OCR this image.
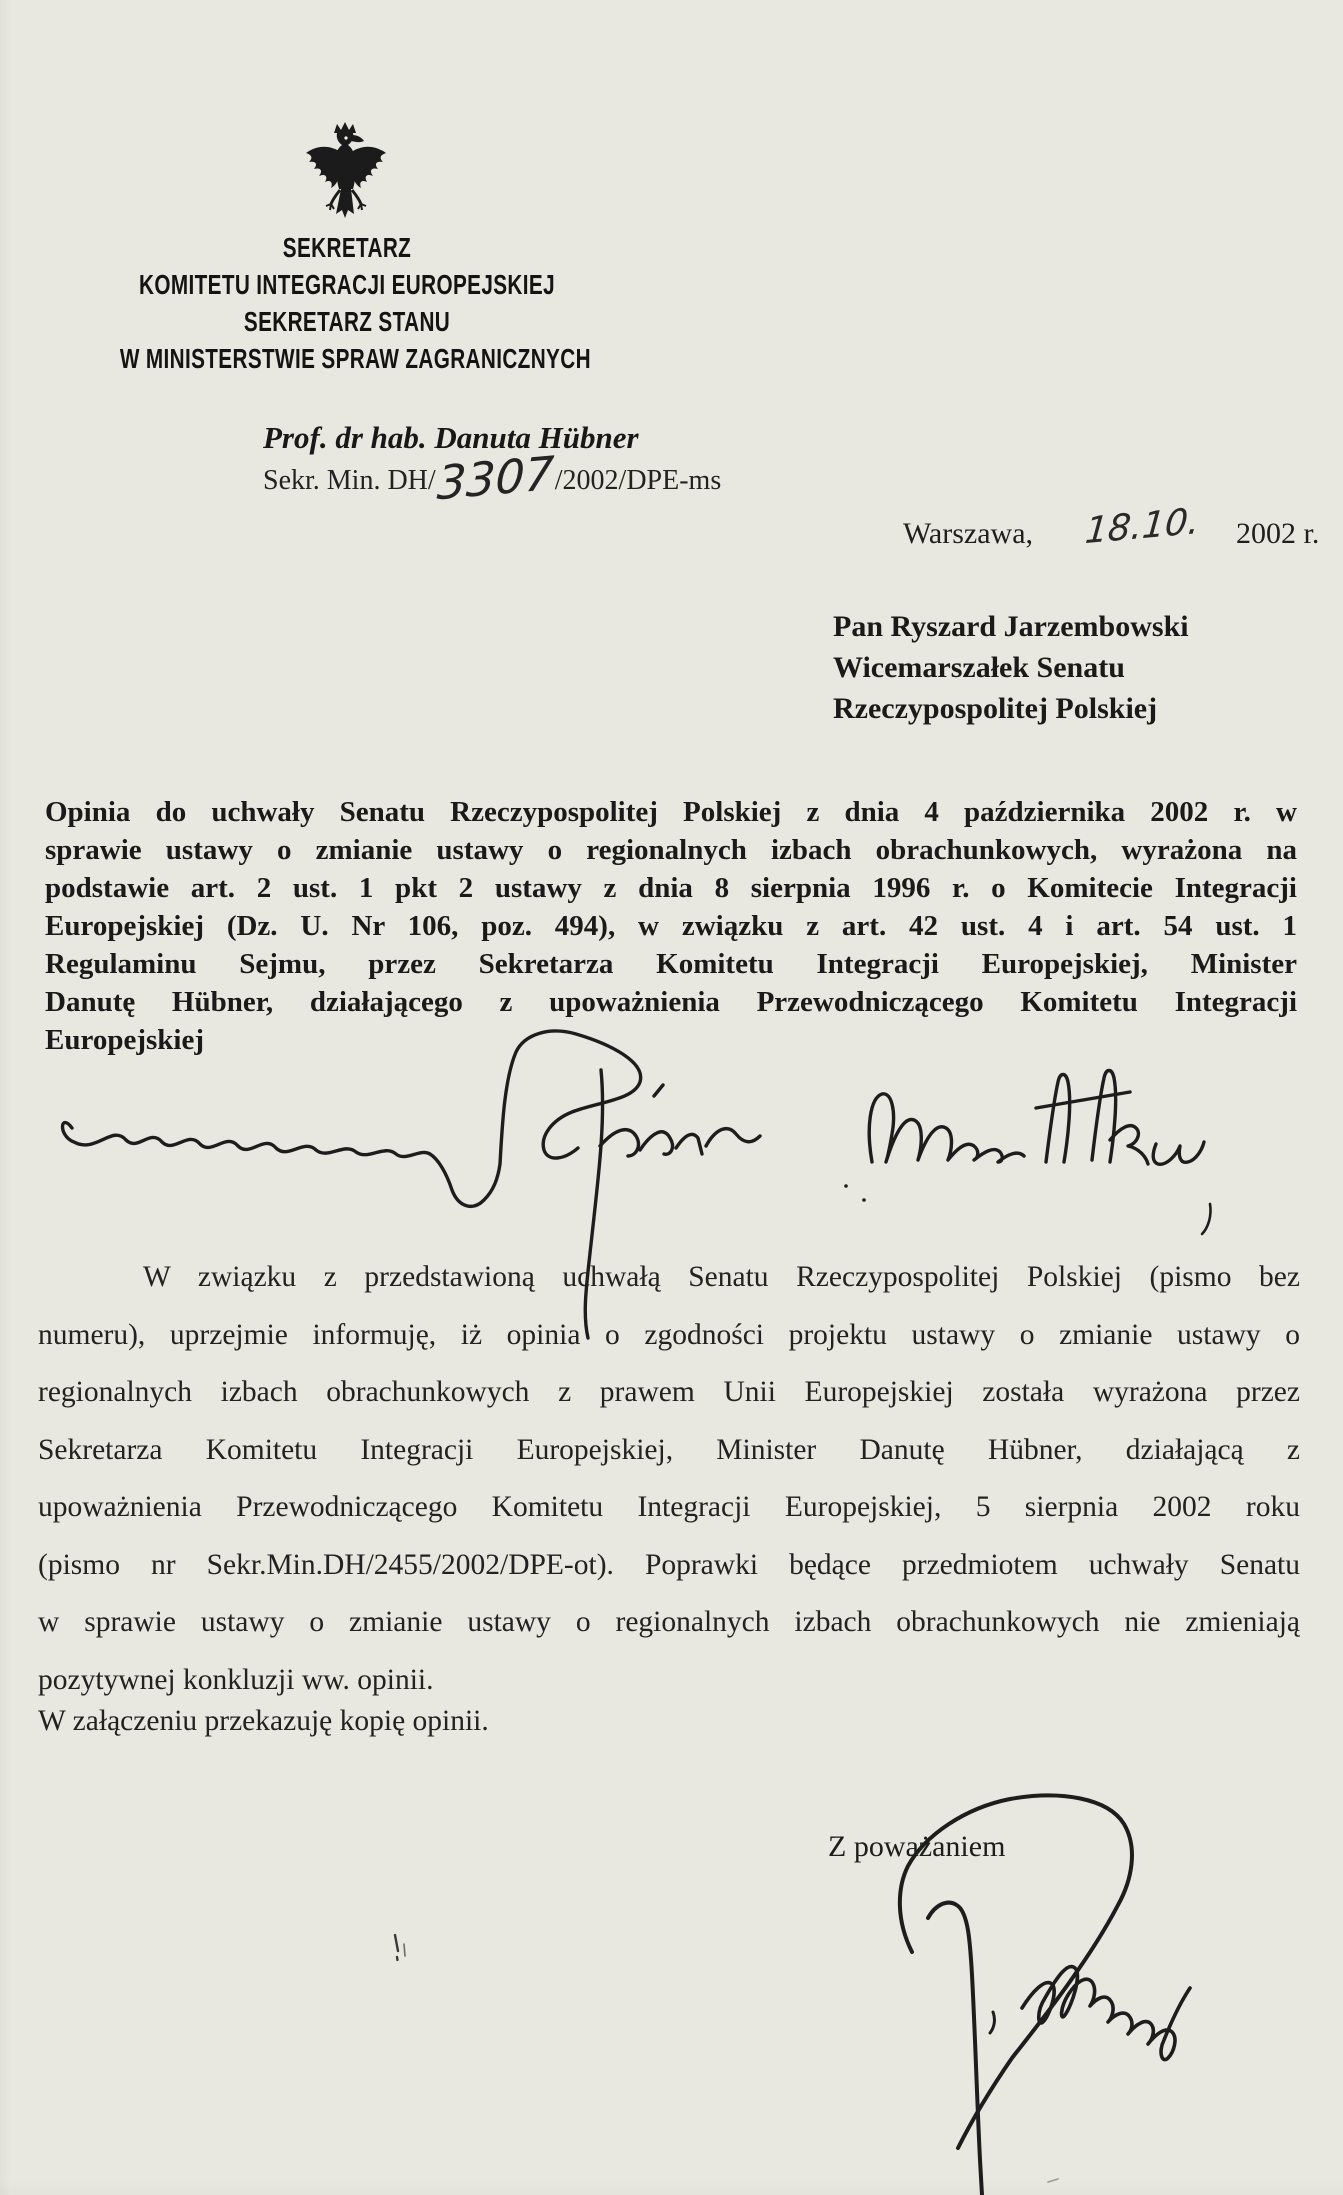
SEKRETARZ
KOMITETU INTEGRACJI EUROPEJSKIEJ
SEKRETARZ STANU
W MINISTERSTWIE SPRAW ZAGRANICZNYCH
Prof. dr hab. Danuta Hübner
Sekr. Min. DH/3307/2002/DPE-ms
Warszawa, 18.10. 2002 r.
Pan Ryszard Jarzembowski
Wicemarszałek Senatu
Rzeczypospolitej Polskiej
Opinia do uchwały Senatu Rzeczypospolitej Polskiej z dnia 4 października 2002 r. w
sprawie ustawy o zmianie ustawy o regionalnych izbach obrachunkowych, wyrażona na
podstawie art. 2 ust. 1 pkt 2 ustawy z dnia 8 sierpnia 1996 r. o Komitecie Integracji
Europejskiej (Dz. U. Nr 106, poz. 494), w związku z art. 42 ust. 4 i art. 54 ust. 1
Regulaminu Sejmu, przez Sekretarza Komitetu Integracji Europejskiej, Minister
Danutę Hübner, działającego z upoważnienia Przewodniczącego Komitetu Integracji
Europejskiej
W związku z przedstawioną uchwałą Senatu Rzeczypospolitej Polskiej (pismo bez
numeru), uprzejmie informuję, iż opinia o zgodności projektu ustawy o zmianie ustawy o
regionalnych izbach obrachunkowych z prawem Unii Europejskiej została wyrażona przez
Sekretarza Komitetu Integracji Europejskiej, Minister Danutę Hübner, działającą z
upoważnienia Przewodniczącego Komitetu Integracji Europejskiej, 5 sierpnia 2002 roku
(pismo nr Sekr.Min.DH/2455/2002/DPE-ot). Poprawki będące przedmiotem uchwały Senatu
w sprawie ustawy o zmianie ustawy o regionalnych izbach obrachunkowych nie zmieniają
pozytywnej konkluzji ww. opinii.
W załączeniu przekazuję kopię opinii.
Z poważaniem
